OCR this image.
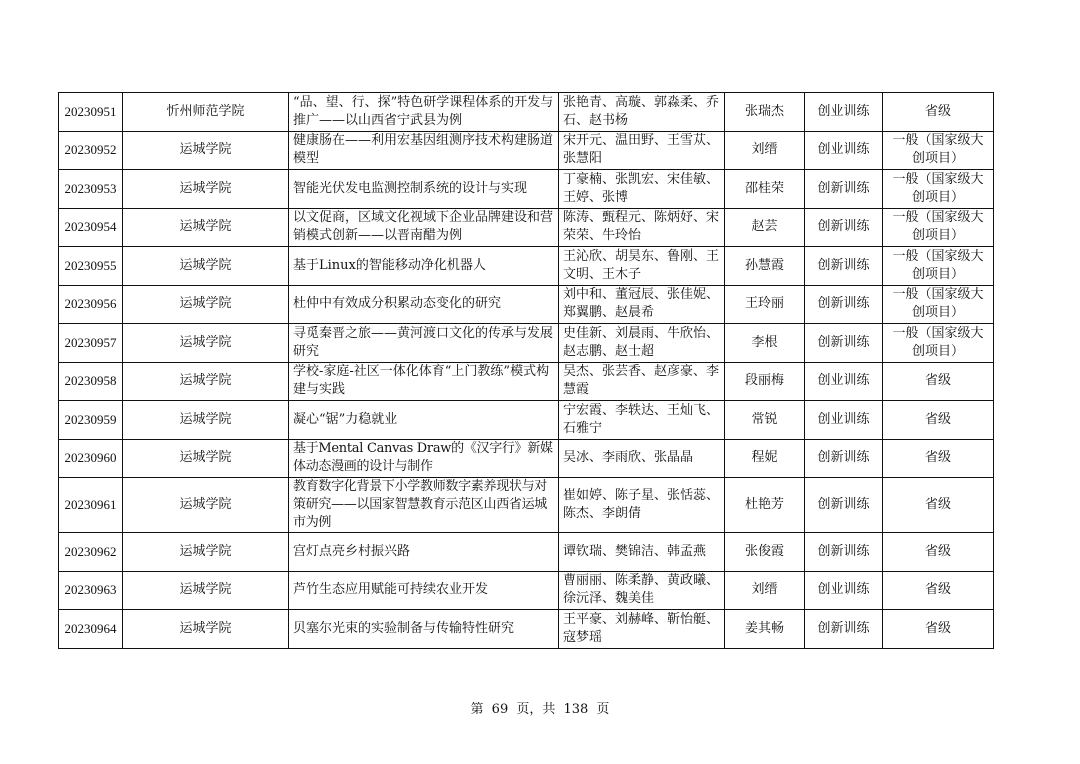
20230951	忻州师范学院	“品、望、行、探”特色研学课程体系的开发与推广——以山西省宁武县为例	张艳青、高璇、郭淼柔、乔石、赵书杨	张瑞杰	创业训练	省级
20230952	运城学院	健康肠在——利用宏基因组测序技术构建肠道模型	宋开元、温田野、王雪苁、张慧阳	刘缙	创业训练	一般（国家级大创项目）
20230953	运城学院	智能光伏发电监测控制系统的设计与实现	丁豪楠、张凯宏、宋佳敏、王婷、张博	邵桂荣	创新训练	一般（国家级大创项目）
20230954	运城学院	以文促商，区域文化视域下企业品牌建设和营销模式创新——以晋南醋为例	陈涛、甄程元、陈炳妤、宋荣荣、牛玲怡	赵芸	创新训练	一般（国家级大创项目）
20230955	运城学院	基于Linux的智能移动净化机器人	王沁欣、胡昊东、鲁刚、王文明、王木子	孙慧霞	创新训练	一般（国家级大创项目）
20230956	运城学院	杜仲中有效成分积累动态变化的研究	刘中和、董冠辰、张佳妮、郑翼鹏、赵晨希	王玲丽	创新训练	一般（国家级大创项目）
20230957	运城学院	寻觅秦晋之旅——黄河渡口文化的传承与发展研究	史佳新、刘晨雨、牛欣怡、赵志鹏、赵士超	李根	创新训练	一般（国家级大创项目）
20230958	运城学院	学校-家庭-社区一体化体育“上门教练”模式构建与实践	吴杰、张芸香、赵彦豪、李慧霞	段丽梅	创业训练	省级
20230959	运城学院	凝心“锯”力稳就业	宁宏霞、李轶达、王灿飞、石雅宁	常锐	创业训练	省级
20230960	运城学院	基于Mental Canvas Draw的《汉字行》新媒体动态漫画的设计与制作	吴冰、李雨欣、张晶晶	程妮	创新训练	省级
20230961	运城学院	教育数字化背景下小学教师数字素养现状与对策研究——以国家智慧教育示范区山西省运城市为例	崔如婷、陈子星、张恬蕊、陈杰、李朗倩	杜艳芳	创新训练	省级
20230962	运城学院	宫灯点亮乡村振兴路	谭钦瑞、樊锦洁、韩孟燕	张俊霞	创新训练	省级
20230963	运城学院	芦竹生态应用赋能可持续农业开发	曹丽丽、陈柔静、黄政曦、徐沅泽、魏美佳	刘缙	创业训练	省级
20230964	运城学院	贝塞尔光束的实验制备与传输特性研究	王平豪、刘赫峰、靳怡艇、寇梦瑶	姜其畅	创新训练	省级
第 69 页，共 138 页
